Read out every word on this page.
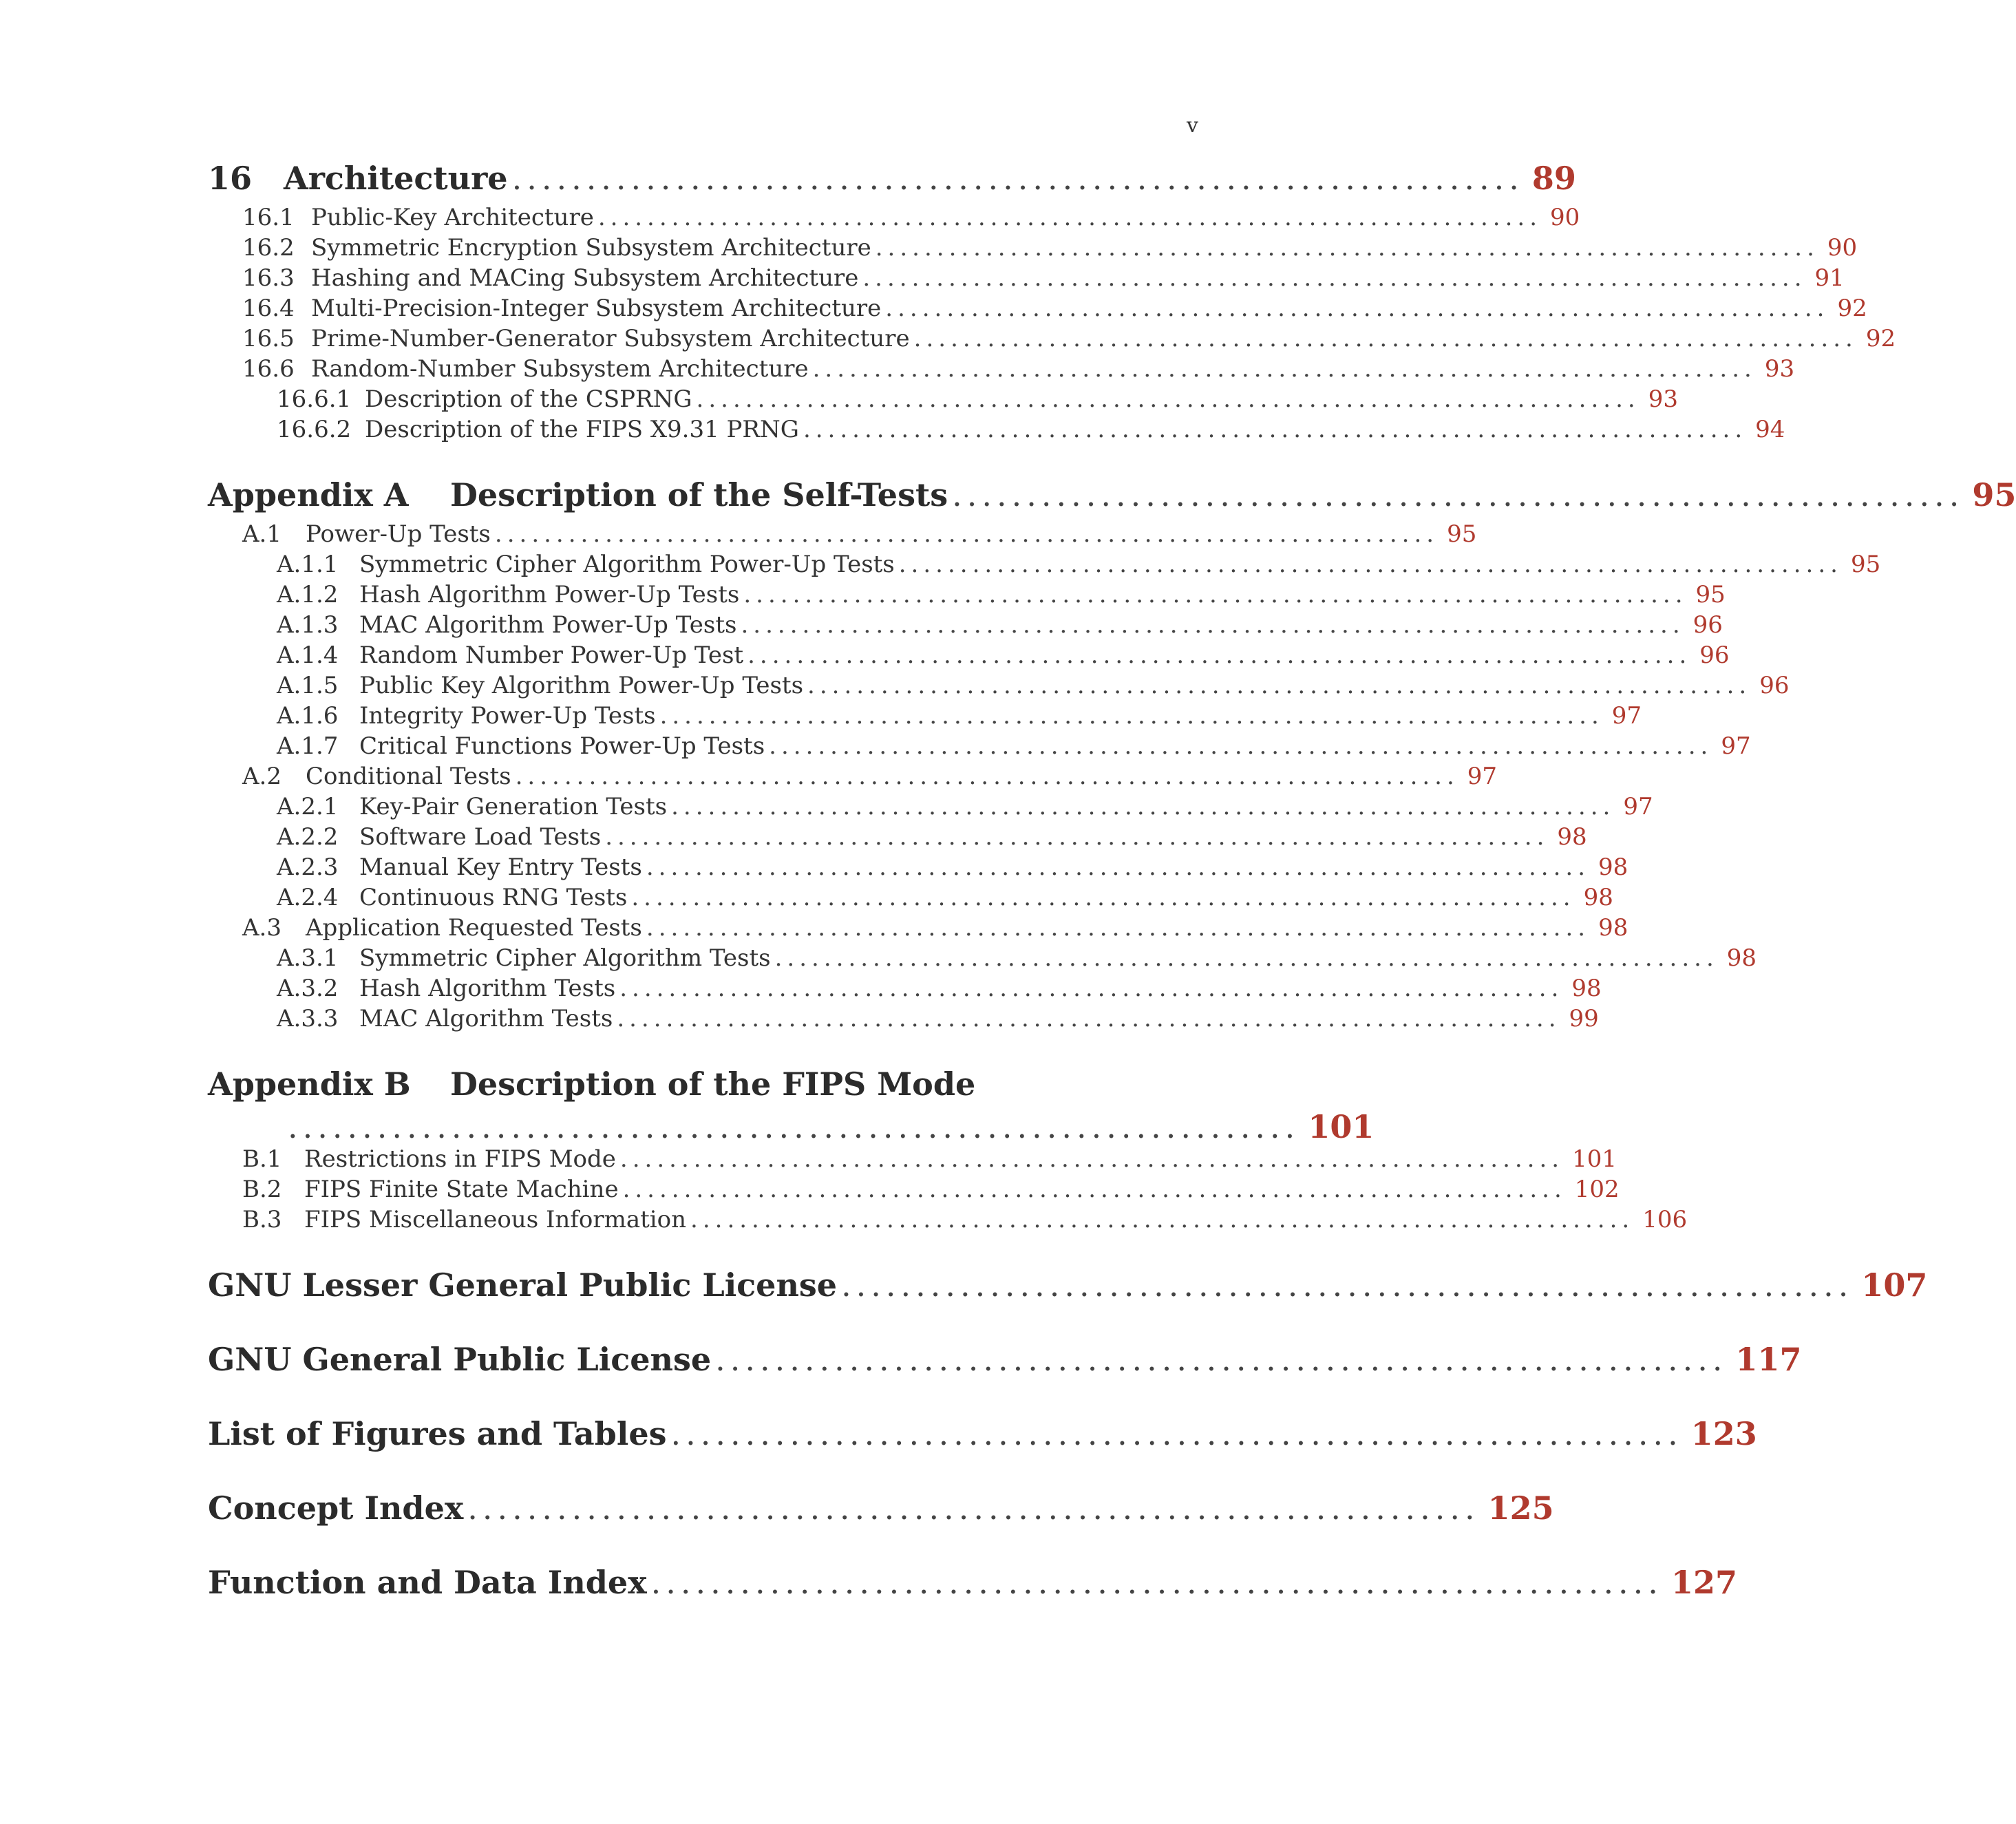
v
16 Architecture .................................................................... 89
16.1 Public-Key Architecture ............................................................................. 90
16.2 Symmetric Encryption Subsystem Architecture ............................................................................. 90
16.3 Hashing and MACing Subsystem Architecture ............................................................................. 91
16.4 Multi-Precision-Integer Subsystem Architecture ............................................................................. 92
16.5 Prime-Number-Generator Subsystem Architecture ............................................................................. 92
16.6 Random-Number Subsystem Architecture ............................................................................. 93
16.6.1 Description of the CSPRNG ............................................................................. 93
16.6.2 Description of the FIPS X9.31 PRNG ............................................................................. 94
Appendix A	Description of the Self-Tests .................................................................... 95
A.1	Power-Up Tests ............................................................................. 95
A.1.1 Symmetric Cipher Algorithm Power-Up Tests ............................................................................. 95
A.1.2 Hash Algorithm Power-Up Tests ............................................................................. 95
A.1.3 MAC Algorithm Power-Up Tests ............................................................................. 96
A.1.4 Random Number Power-Up Test ............................................................................. 96
A.1.5 Public Key Algorithm Power-Up Tests ............................................................................. 96
A.1.6 Integrity Power-Up Tests ............................................................................. 97
A.1.7 Critical Functions Power-Up Tests ............................................................................. 97
A.2	Conditional Tests ............................................................................. 97
A.2.1 Key-Pair Generation Tests ............................................................................. 97
A.2.2 Software Load Tests ............................................................................. 98
A.2.3 Manual Key Entry Tests ............................................................................. 98
A.2.4 Continuous RNG Tests ............................................................................. 98
A.3	Application Requested Tests ............................................................................. 98
A.3.1 Symmetric Cipher Algorithm Tests ............................................................................. 98
A.3.2 Hash Algorithm Tests ............................................................................. 98
A.3.3 MAC Algorithm Tests ............................................................................. 99
Appendix B	Description of the FIPS Mode
.................................................................... 101
B.1 Restrictions in FIPS Mode ............................................................................. 101
B.2 FIPS Finite State Machine ............................................................................. 102
B.3 FIPS Miscellaneous Information ............................................................................. 106
GNU Lesser General Public License .................................................................... 107
GNU General Public License .................................................................... 117
List of Figures and Tables .................................................................... 123
Concept Index .................................................................... 125
Function and Data Index .................................................................... 127
